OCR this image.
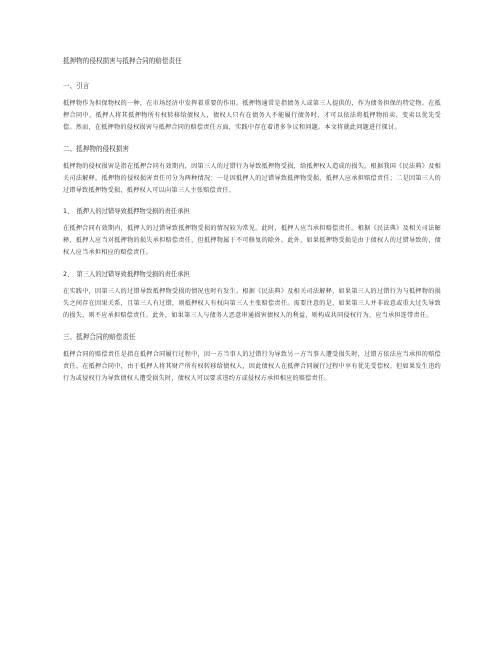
抵押物的侵权损害与抵押合同的赔偿责任
一、引言

抵押物作为担保物权的一种，在市场经济中发挥着重要的作用。抵押物通常是指债务人或第三人提供的，作为债务担保的特定物。在抵押合同中，抵押人将其抵押物所有权转移给债权人，债权人只有在债务人不能履行债务时，才可以依法将抵押物拍卖、变卖以优先受偿。然而，在抵押物的侵权损害与抵押合同的赔偿责任方面，实践中存在着诸多争议和问题。本文将就此问题进行探讨。

二、抵押物的侵权损害

抵押物的侵权损害是指在抵押合同有效期内，因第三人的过错行为导致抵押物受损，给抵押权人造成的损失。根据我国《民法典》及相关司法解释，抵押物的侵权损害责任可分为两种情况：一是因抵押人的过错导致抵押物受损，抵押人应承担赔偿责任；二是因第三人的过错导致抵押物受损，抵押权人可以向第三人主张赔偿责任。

1、　抵押人的过错导致抵押物受损的责任承担

在抵押合同有效期内，抵押人的过错导致抵押物受损的情况较为常见。此时，抵押人应当承担赔偿责任。根据《民法典》及相关司法解释，抵押人应当对抵押物的损失承担赔偿责任，但抵押物属于不可修复的除外。此外，如果抵押物受损是由于债权人的过错导致的，债权人应当承担相应的赔偿责任。

2、　第三人的过错导致抵押物受损的责任承担

在实践中，因第三人的过错导致抵押物受损的情况也时有发生。根据《民法典》及相关司法解释，如果第三人的过错行为与抵押物的损失之间存在因果关系，且第三人有过错，则抵押权人有权向第三人主张赔偿责任。需要注意的是，如果第三人并非故意或重大过失导致的损失，则不应承担赔偿责任。此外，如果第三人与债务人恶意串通损害债权人的利益，则构成共同侵权行为，应当承担连带责任。

三、抵押合同的赔偿责任

抵押合同的赔偿责任是指在抵押合同履行过程中，因一方当事人的过错行为导致另一方当事人遭受损失时，过错方依法应当承担的赔偿责任。在抵押合同中，由于抵押人将其财产所有权转移给债权人，因此债权人在抵押合同履行过程中享有优先受偿权。但如果发生违约行为或侵权行为导致债权人遭受损失时，债权人可以要求违约方或侵权方承担相应的赔偿责任。
